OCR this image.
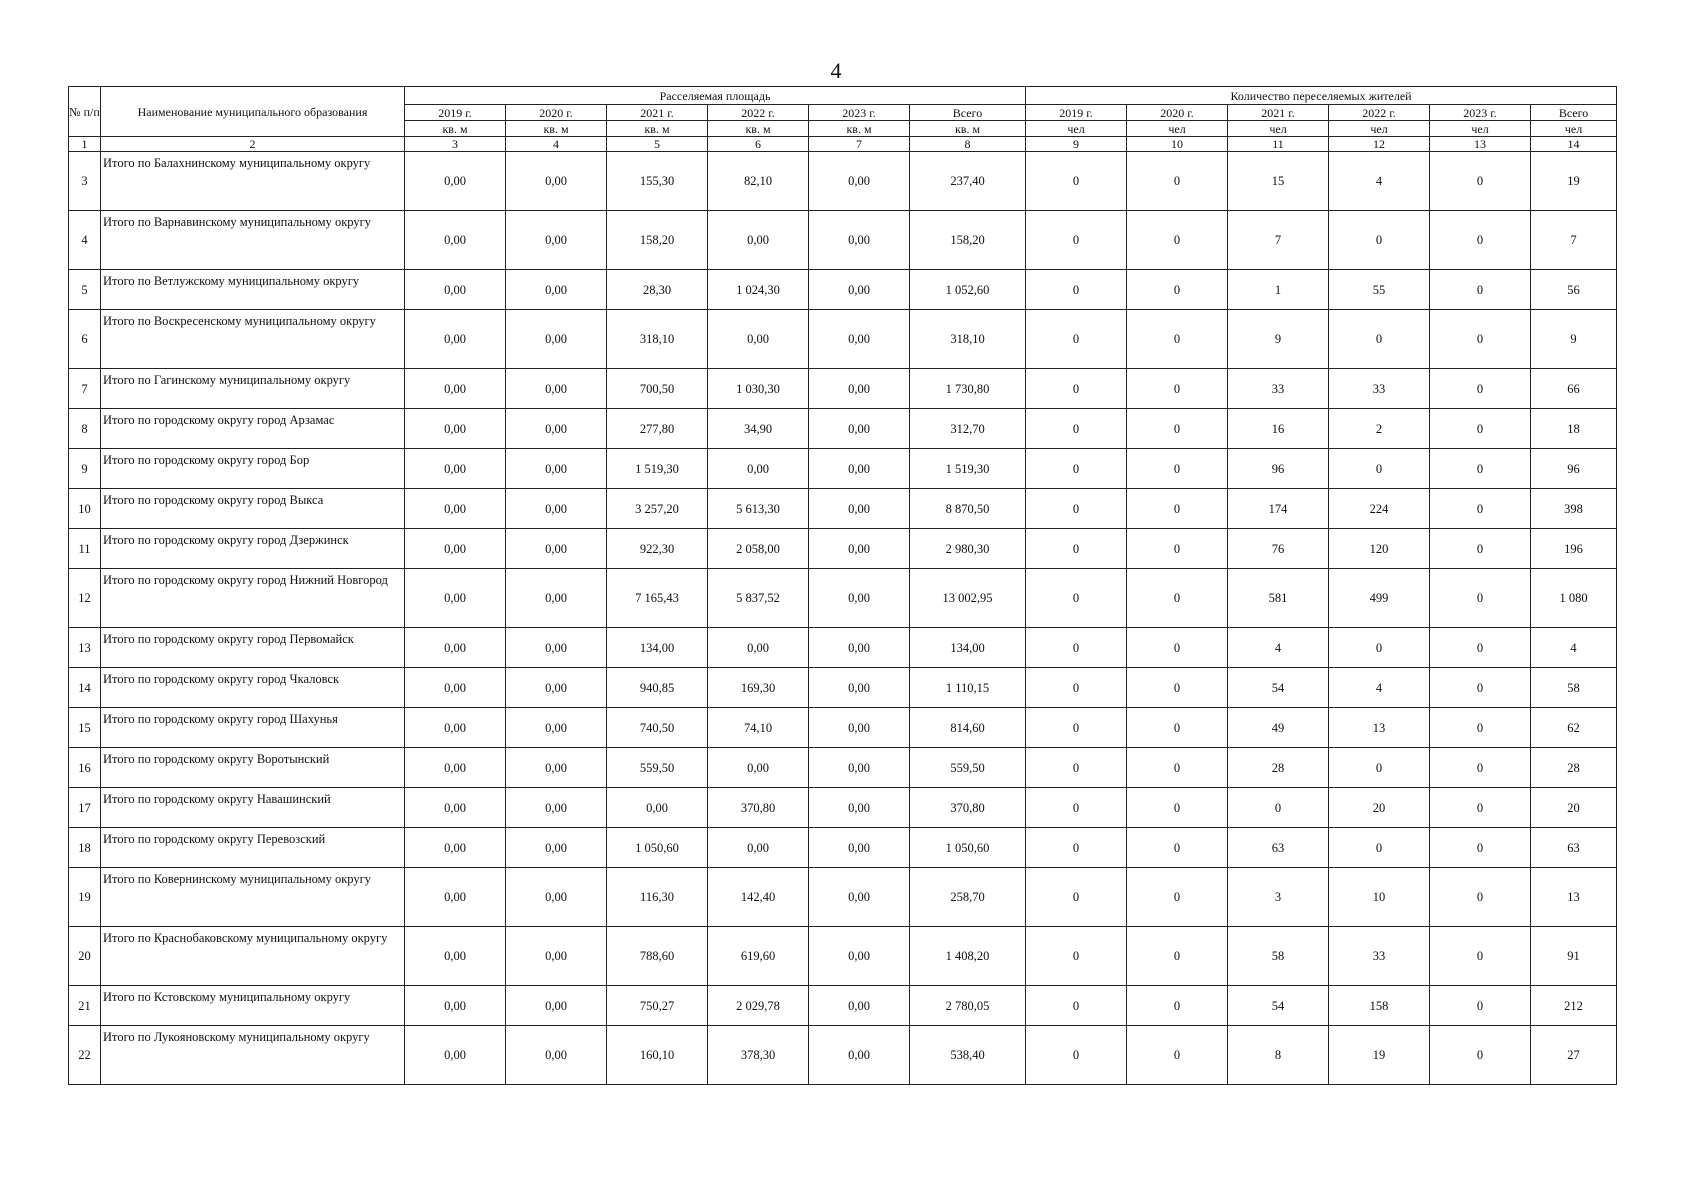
4
№ п/п	Наименование муниципального образования	Расселяемая площадь						Количество переселяемых жителей					
		2019 г.	2020 г.	2021 г.	2022 г.	2023 г.	Всего	2019 г.	2020 г.	2021 г.	2022 г.	2023 г.	Всего
		кв. м	кв. м	кв. м	кв. м	кв. м	кв. м	чел	чел	чел	чел	чел	чел
1	2	3	4	5	6	7	8	9	10	11	12	13	14
3	Итого по Балахнинскому муниципальному округу	0,00	0,00	155,30	82,10	0,00	237,40	0	0	15	4	0	19
4	Итого по Варнавинскому муниципальному округу	0,00	0,00	158,20	0,00	0,00	158,20	0	0	7	0	0	7
5	Итого по Ветлужскому муниципальному округу	0,00	0,00	28,30	1 024,30	0,00	1 052,60	0	0	1	55	0	56
6	Итого по Воскресенскому муниципальному округу	0,00	0,00	318,10	0,00	0,00	318,10	0	0	9	0	0	9
7	Итого по Гагинскому муниципальному округу	0,00	0,00	700,50	1 030,30	0,00	1 730,80	0	0	33	33	0	66
8	Итого по городскому округу город Арзамас	0,00	0,00	277,80	34,90	0,00	312,70	0	0	16	2	0	18
9	Итого по городскому округу город Бор	0,00	0,00	1 519,30	0,00	0,00	1 519,30	0	0	96	0	0	96
10	Итого по городскому округу город Выкса	0,00	0,00	3 257,20	5 613,30	0,00	8 870,50	0	0	174	224	0	398
11	Итого по городскому округу город Дзержинск	0,00	0,00	922,30	2 058,00	0,00	2 980,30	0	0	76	120	0	196
12	Итого по городскому округу город Нижний Новгород	0,00	0,00	7 165,43	5 837,52	0,00	13 002,95	0	0	581	499	0	1 080
13	Итого по городскому округу город Первомайск	0,00	0,00	134,00	0,00	0,00	134,00	0	0	4	0	0	4
14	Итого по городскому округу город Чкаловск	0,00	0,00	940,85	169,30	0,00	1 110,15	0	0	54	4	0	58
15	Итого по городскому округу город Шахунья	0,00	0,00	740,50	74,10	0,00	814,60	0	0	49	13	0	62
16	Итого по городскому округу Воротынский	0,00	0,00	559,50	0,00	0,00	559,50	0	0	28	0	0	28
17	Итого по городскому округу Навашинский	0,00	0,00	0,00	370,80	0,00	370,80	0	0	0	20	0	20
18	Итого по городскому округу Перевозский	0,00	0,00	1 050,60	0,00	0,00	1 050,60	0	0	63	0	0	63
19	Итого по Ковернинскому муниципальному округу	0,00	0,00	116,30	142,40	0,00	258,70	0	0	3	10	0	13
20	Итого по Краснобаковскому муниципальному округу	0,00	0,00	788,60	619,60	0,00	1 408,20	0	0	58	33	0	91
21	Итого по Кстовскому муниципальному округу	0,00	0,00	750,27	2 029,78	0,00	2 780,05	0	0	54	158	0	212
22	Итого по Лукояновскому муниципальному округу	0,00	0,00	160,10	378,30	0,00	538,40	0	0	8	19	0	27
